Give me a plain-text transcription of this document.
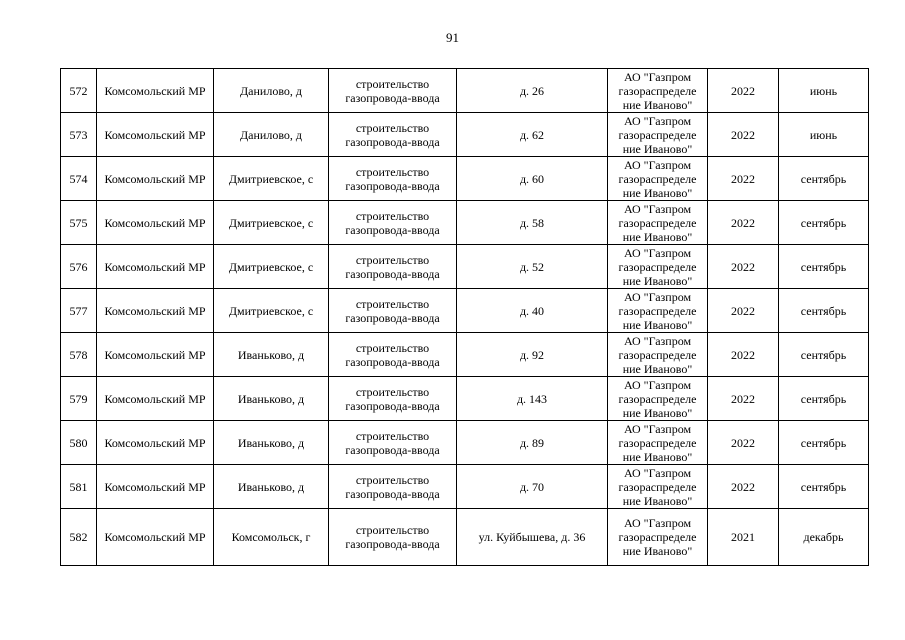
91
572	Комсомольский МР	Данилово, д	строительство газопровода-ввода	д. 26	АО "Газпром газораспределе ние Иваново"	2022	июнь
573	Комсомольский МР	Данилово, д	строительство газопровода-ввода	д. 62	АО "Газпром газораспределе ние Иваново"	2022	июнь
574	Комсомольский МР	Дмитриевское, с	строительство газопровода-ввода	д. 60	АО "Газпром газораспределе ние Иваново"	2022	сентябрь
575	Комсомольский МР	Дмитриевское, с	строительство газопровода-ввода	д. 58	АО "Газпром газораспределе ние Иваново"	2022	сентябрь
576	Комсомольский МР	Дмитриевское, с	строительство газопровода-ввода	д. 52	АО "Газпром газораспределе ние Иваново"	2022	сентябрь
577	Комсомольский МР	Дмитриевское, с	строительство газопровода-ввода	д. 40	АО "Газпром газораспределе ние Иваново"	2022	сентябрь
578	Комсомольский МР	Иваньково, д	строительство газопровода-ввода	д. 92	АО "Газпром газораспределе ние Иваново"	2022	сентябрь
579	Комсомольский МР	Иваньково, д	строительство газопровода-ввода	д. 143	АО "Газпром газораспределе ние Иваново"	2022	сентябрь
580	Комсомольский МР	Иваньково, д	строительство газопровода-ввода	д. 89	АО "Газпром газораспределе ние Иваново"	2022	сентябрь
581	Комсомольский МР	Иваньково, д	строительство газопровода-ввода	д. 70	АО "Газпром газораспределе ние Иваново"	2022	сентябрь
582	Комсомольский МР	Комсомольск, г	строительство газопровода-ввода	ул. Куйбышева, д. 36	АО "Газпром газораспределе ние Иваново"	2021	декабрь
